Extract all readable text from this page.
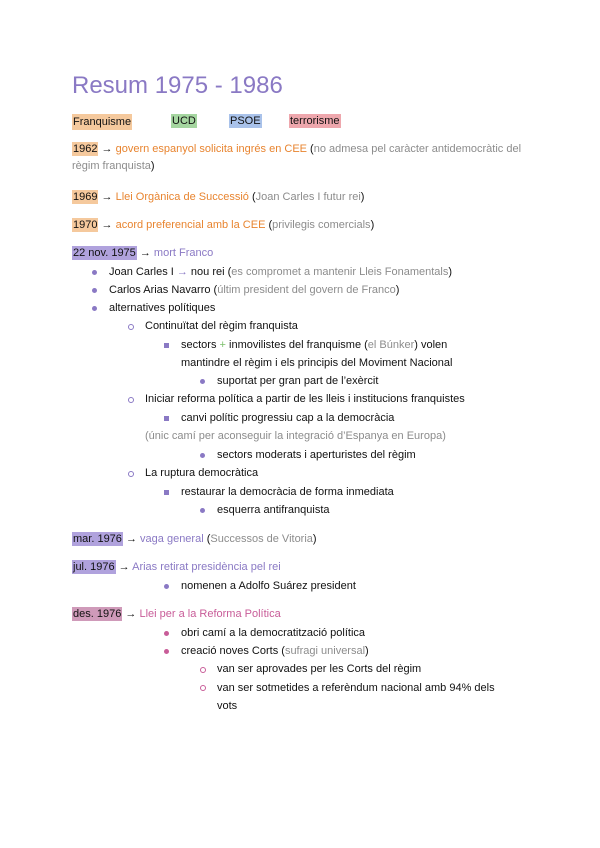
Resum 1975 - 1986
Franquisme	UCD	PSOE	terrorisme
1962 → govern espanyol solicita ingrés en CEE (no admesa pel caràcter antidemocràtic del règim franquista)
1969 → Llei Orgànica de Successió (Joan Carles I futur rei)
1970 → acord preferencial amb la CEE (privilegis comercials)
22 nov. 1975 → mort Franco
Joan Carles I → nou rei (es compromet a mantenir Lleis Fonamentals)
Carlos Arias Navarro (últim president del govern de Franco)
alternatives polítiques
Continuïtat del règim franquista
sectors + inmovilistes del franquisme (el Búnker) volen
mantindre el règim i els principis del Moviment Nacional
suportat per gran part de l’exèrcit
Iniciar reforma política a partir de les lleis i institucions franquistes
canvi polític progressiu cap a la democràcia
(únic camí per aconseguir la integració d’Espanya en Europa)
sectors moderats i aperturistes del règim
La ruptura democràtica
restaurar la democràcia de forma inmediata
esquerra antifranquista
mar. 1976 → vaga general (Successos de Vitoria)
jul. 1976 → Arias retirat presidència pel rei
nomenen a Adolfo Suárez president
des. 1976 → Llei per a la Reforma Política
obri camí a la democratització política
creació noves Corts (sufragi universal)
van ser aprovades per les Corts del règim
van ser sotmetides a referèndum nacional amb 94% dels
vots
